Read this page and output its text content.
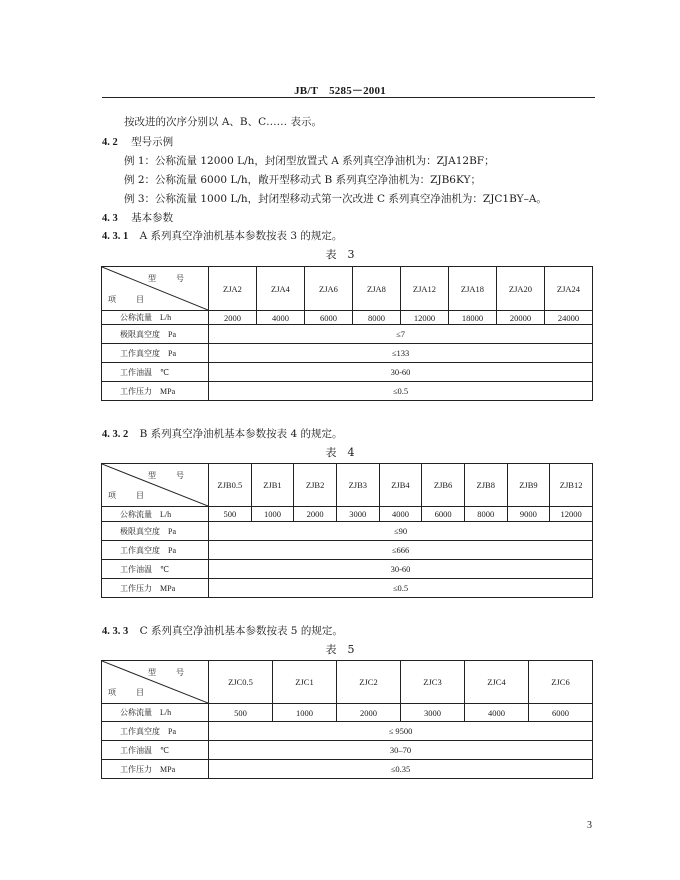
JB/T　5285－2001
按改进的次序分别以 A、B、C…… 表示。
4. 2 型号示例
例 1：公称流量 12000 L/h，封闭型放置式 A 系列真空净油机为：ZJA12BF；
例 2：公称流量 6000 L/h，敞开型移动式 B 系列真空净油机为：ZJB6KY；
例 3：公称流量 1000 L/h，封闭型移动式第一次改进 C 系列真空净油机为：ZJC1BY–A。
4. 3 基本参数
4. 3. 1 A 系列真空净油机基本参数按表 3 的规定。
表　3
型　号
项　目	ZJA2	ZJA4	ZJA6	ZJA8	ZJA12	ZJA18	ZJA20	ZJA24
公称流量 L/h	2000	4000	6000	8000	12000	18000	20000	24000
极限真空度 Pa	≤7							
工作真空度 Pa	≤133							
工作油温 ℃	30-60							
工作压力 MPa	≤0.5							
4. 3. 2 B 系列真空净油机基本参数按表 4 的规定。
表　4
型　号
项　目	ZJB0.5	ZJB1	ZJB2	ZJB3	ZJB4	ZJB6	ZJB8	ZJB9	ZJB12
公称流量 L/h	500	1000	2000	3000	4000	6000	8000	9000	12000
极限真空度 Pa	≤90								
工作真空度 Pa	≤666								
工作油温 ℃	30-60								
工作压力 MPa	≤0.5								
4. 3. 3 C 系列真空净油机基本参数按表 5 的规定。
表　5
型　号
项　目	ZJC0.5	ZJC1	ZJC2	ZJC3	ZJC4	ZJC6
公称流量 L/h	500	1000	2000	3000	4000	6000
工作真空度 Pa	≤ 9500					
工作油温 ℃	30–70					
工作压力 MPa	≤0.35					
3
